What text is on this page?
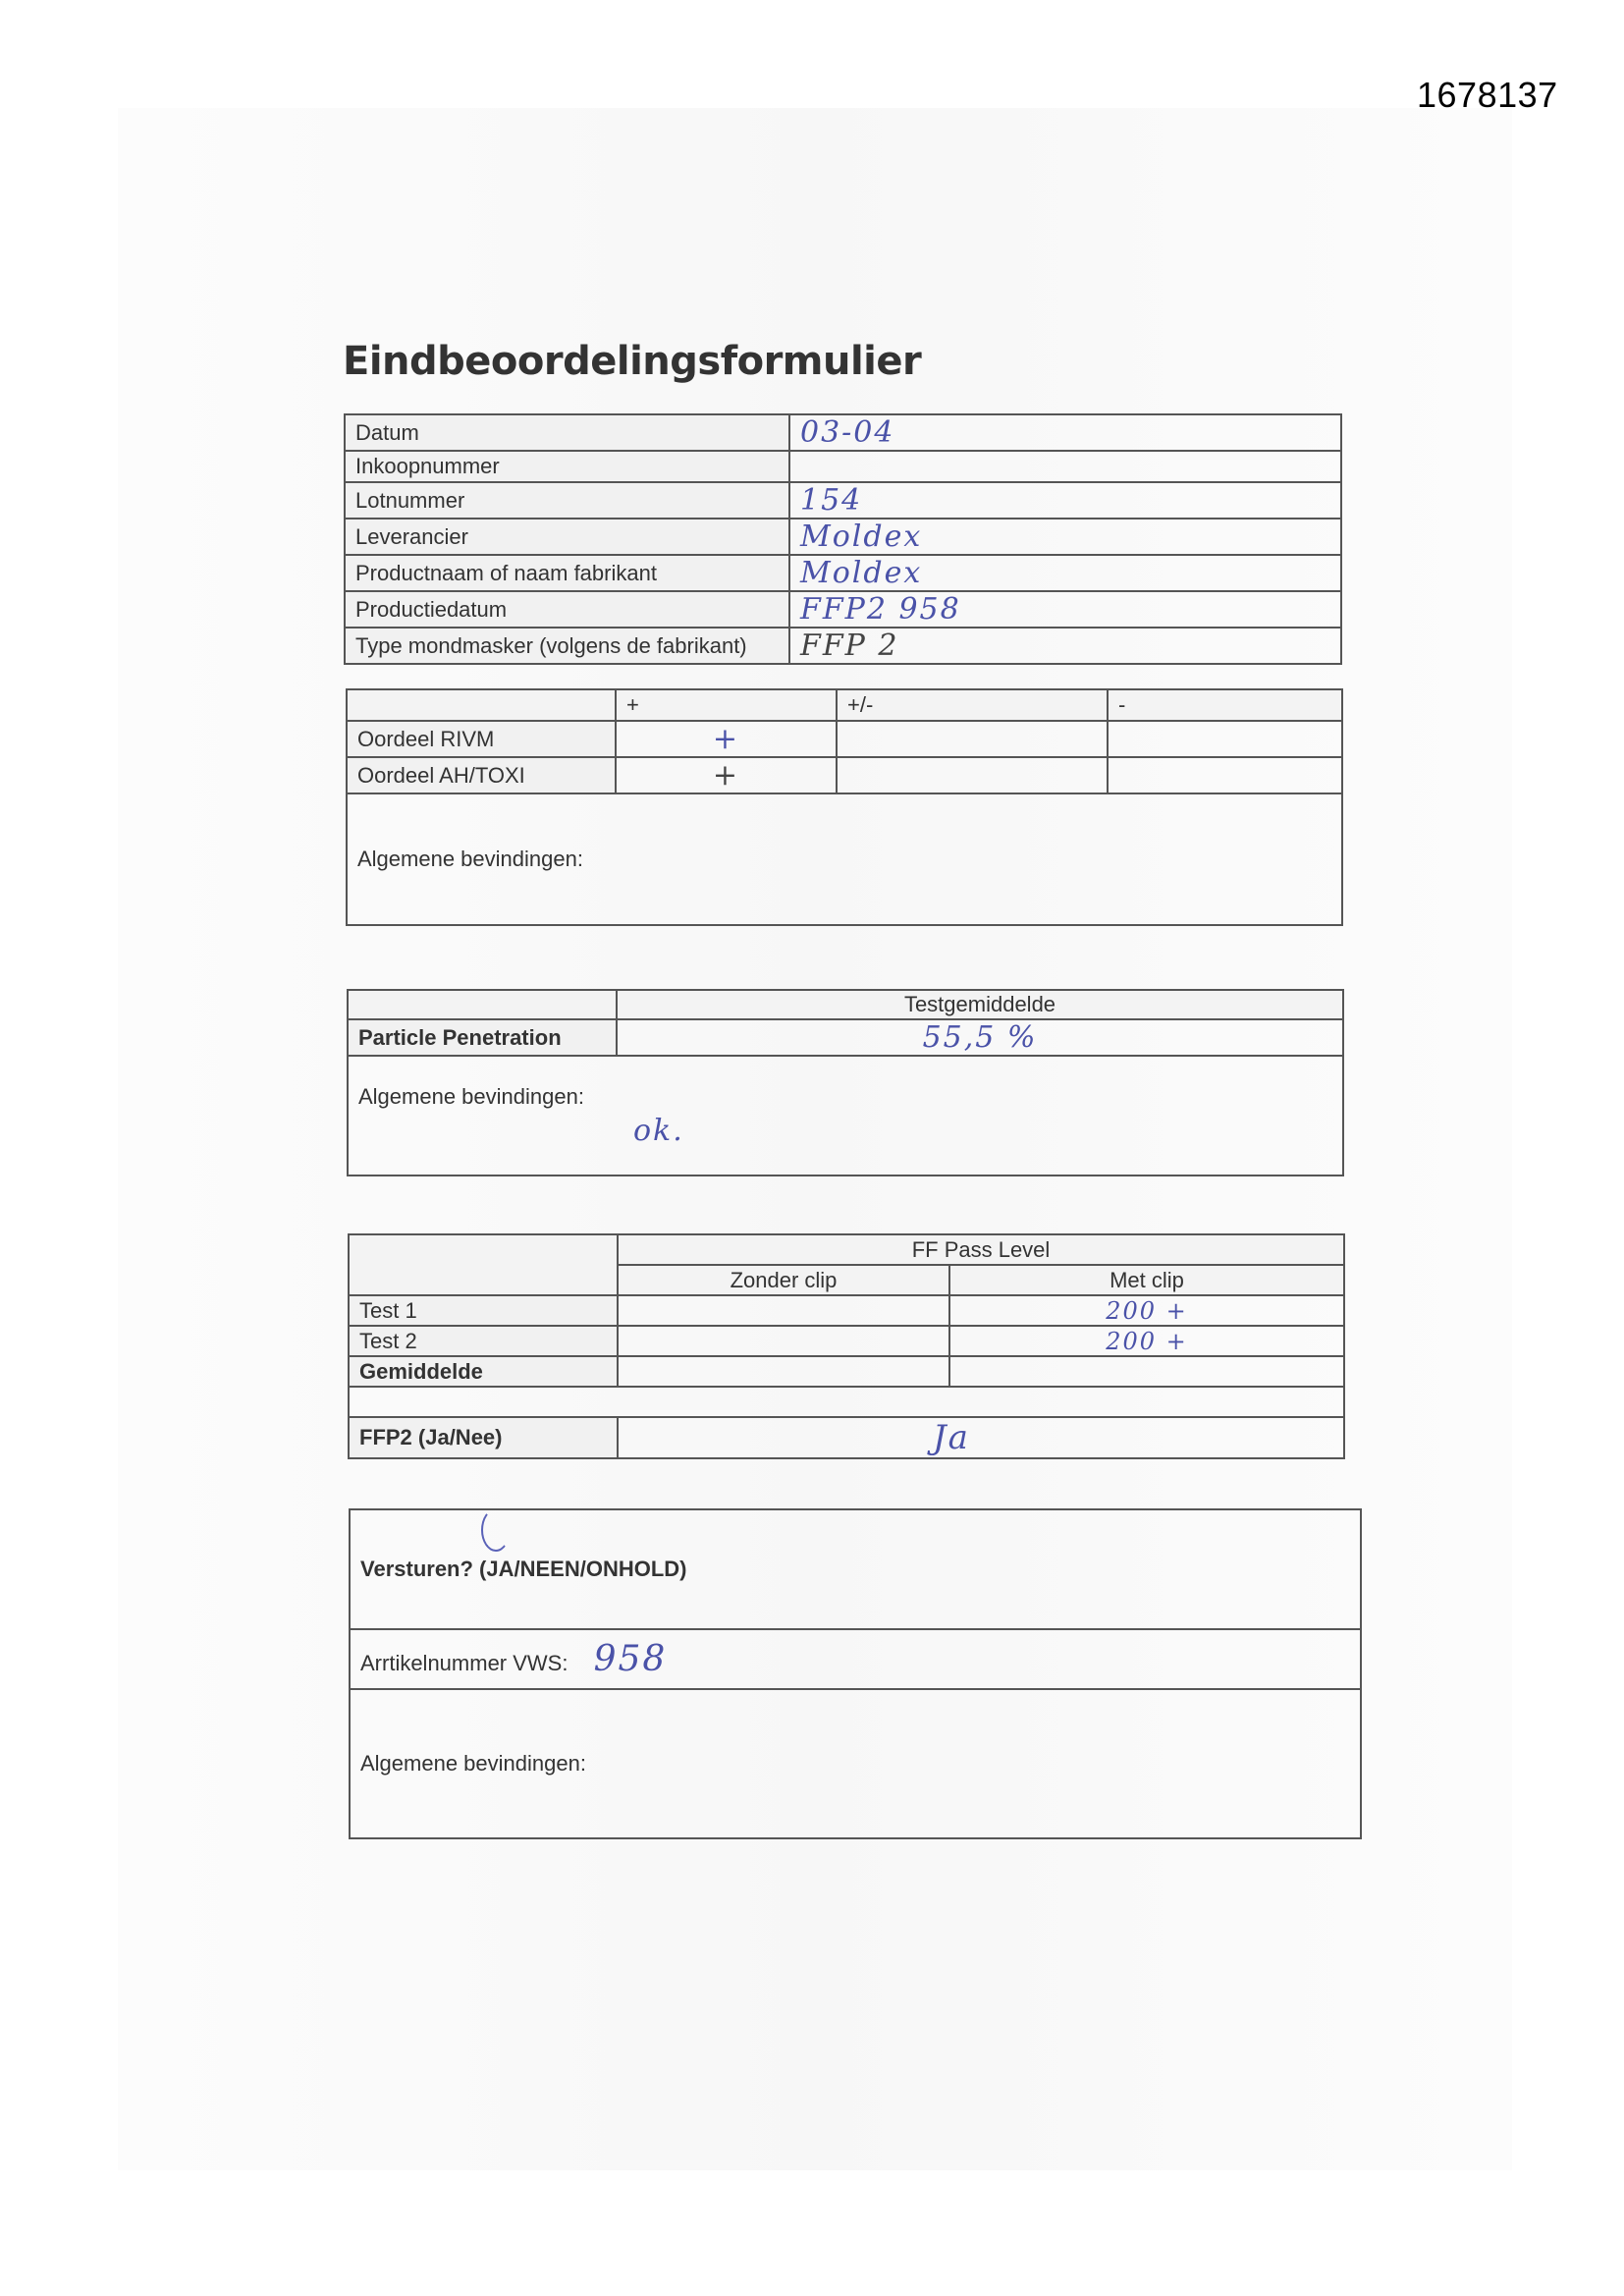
1678137
Eindbeoordelingsformulier
Datum	03-04
Inkoopnummer	
Lotnummer	154
Leverancier	Moldex
Productnaam of naam fabrikant	Moldex
Productiedatum	FFP2 958
Type mondmasker (volgens de fabrikant)	FFP 2
	+	+/-	-
Oordeel RIVM	+		
Oordeel AH/TOXI	+		

Algemene bevindingen:			
	Testgemiddelde
Particle Penetration	55,5 %

Algemene bevindingen:
ok.	
	FF Pass Level	
	Zonder clip	Met clip
Test 1		200 +
Test 2		200 +
Gemiddelde		

FFP2 (Ja/Nee)	Ja	
Versturen? (JA/NEEN/ONHOLD)
Arrtikelnummer VWS: 958

Algemene bevindingen:
